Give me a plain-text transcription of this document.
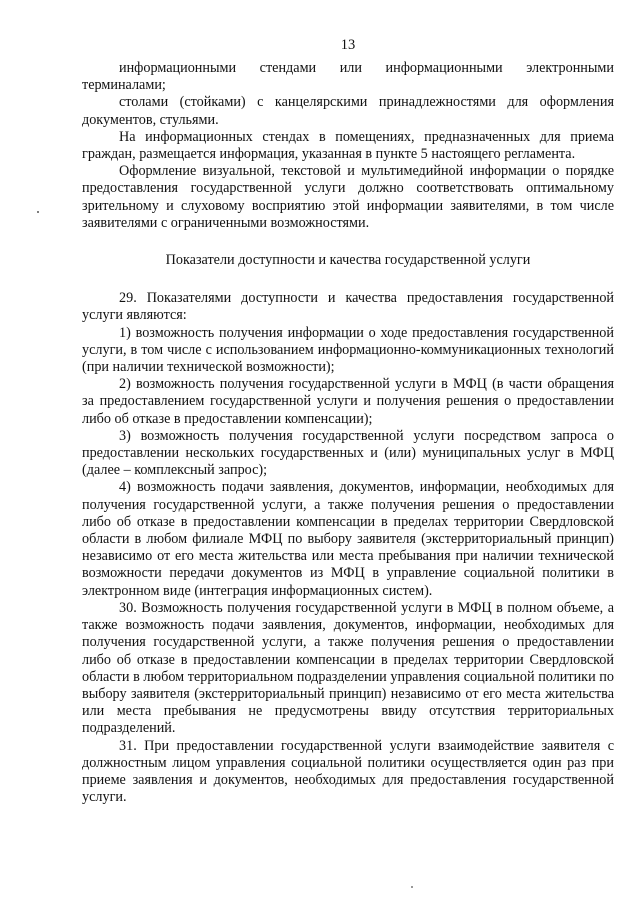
13

информационными стендами или информационными электронными терминалами;

столами (стойками) с канцелярскими принадлежностями для оформления документов, стульями.

На информационных стендах в помещениях, предназначенных для приема граждан, размещается информация, указанная в пункте 5 настоящего регламента.

Оформление визуальной, текстовой и мультимедийной информации о порядке предоставления государственной услуги должно соответствовать оптимальному зрительному и слуховому восприятию этой информации заявителями, в том числе заявителями с ограниченными возможностями.

Показатели доступности и качества государственной услуги

29. Показателями доступности и качества предоставления государственной услуги являются:

1) возможность получения информации о ходе предоставления государственной услуги, в том числе с использованием информационно-коммуникационных технологий (при наличии технической возможности);

2) возможность получения государственной услуги в МФЦ (в части обращения за предоставлением государственной услуги и получения решения о предоставлении либо об отказе в предоставлении компенсации);

3) возможность получения государственной услуги посредством запроса о предоставлении нескольких государственных и (или) муниципальных услуг в МФЦ (далее – комплексный запрос);

4) возможность подачи заявления, документов, информации, необходимых для получения государственной услуги, а также получения решения о предоставлении либо об отказе в предоставлении компенсации в пределах территории Свердловской области в любом филиале МФЦ по выбору заявителя (экстерриториальный принцип) независимо от его места жительства или места пребывания при наличии технической возможности передачи документов из МФЦ в управление социальной политики в электронном виде (интеграция информационных систем).

30. Возможность получения государственной услуги в МФЦ в полном объеме, а также возможность подачи заявления, документов, информации, необходимых для получения государственной услуги, а также получения решения о предоставлении либо об отказе в предоставлении компенсации в пределах территории Свердловской области в любом территориальном подразделении управления социальной политики по выбору заявителя (экстерриториальный принцип) независимо от его места жительства или места пребывания не предусмотрены ввиду отсутствия территориальных подразделений.

31. При предоставлении государственной услуги взаимодействие заявителя с должностным лицом управления социальной политики осуществляется один раз при приеме заявления и документов, необходимых для предоставления государственной услуги.
